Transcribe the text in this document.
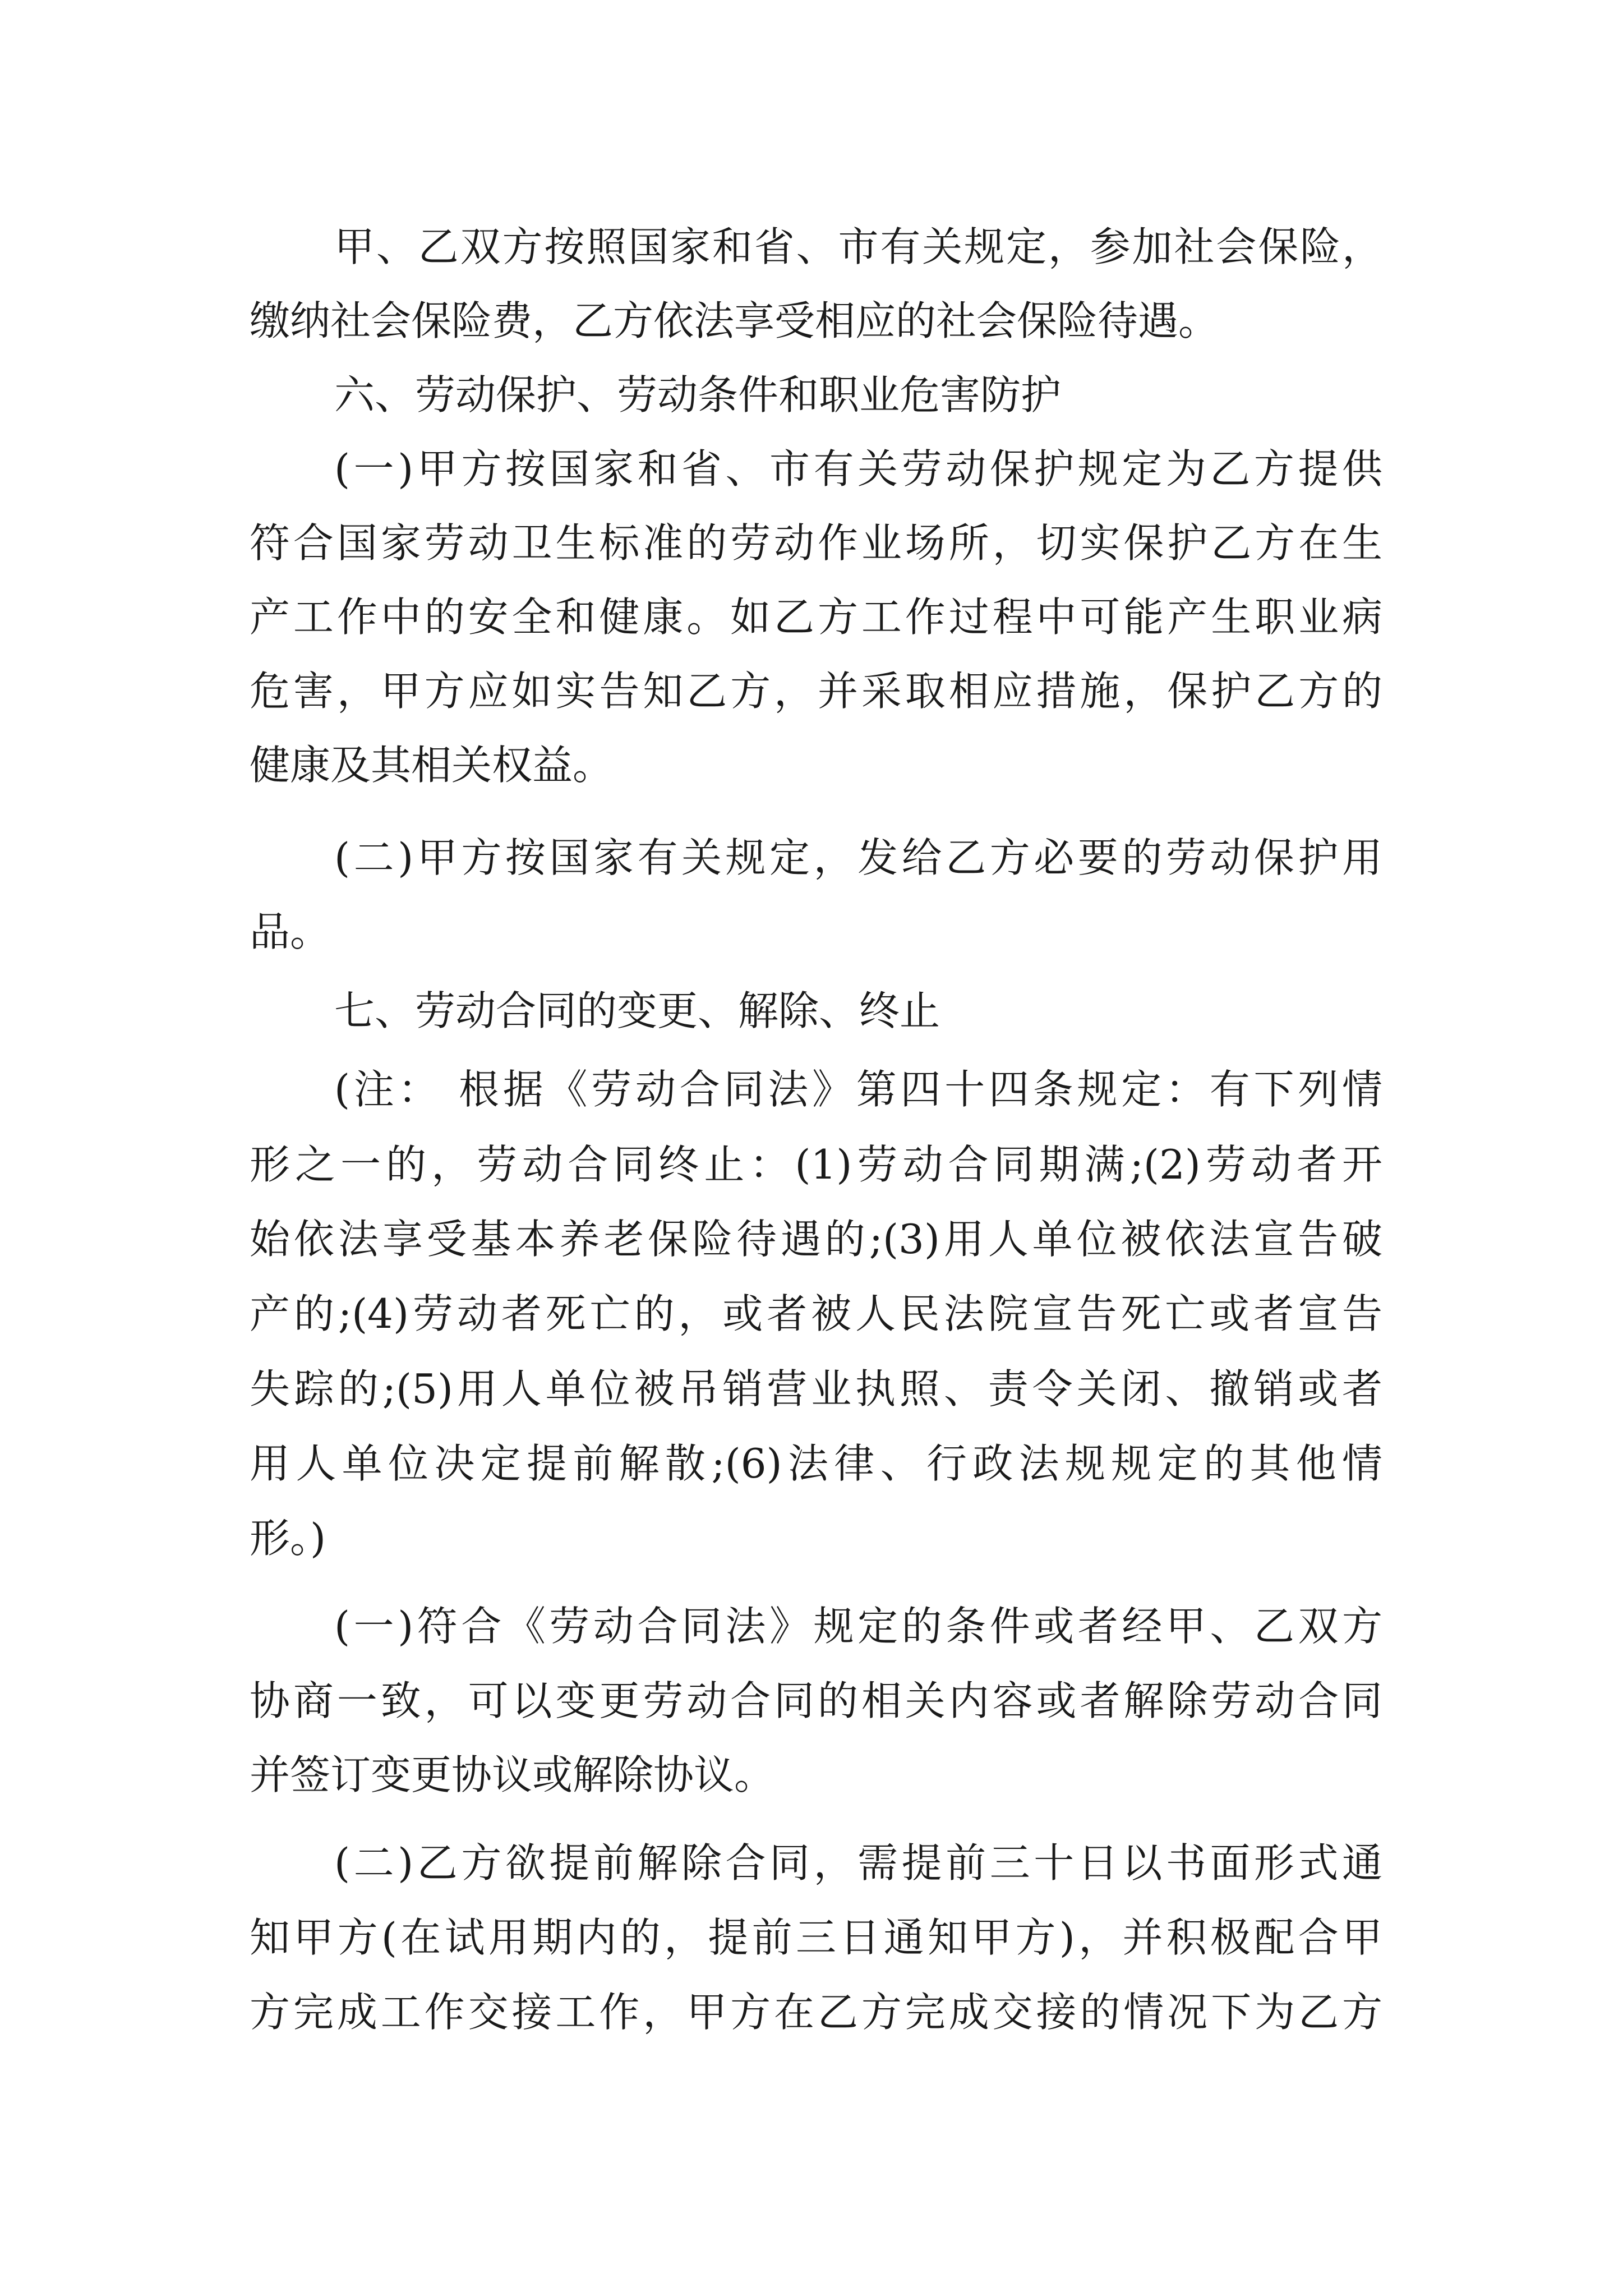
甲、乙双方按照国家和省、市有关规定，参加社会保险，
缴纳社会保险费，乙方依法享受相应的社会保险待遇。
六、劳动保护、劳动条件和职业危害防护
(一)甲方按国家和省、市有关劳动保护规定为乙方提供
符合国家劳动卫生标准的劳动作业场所，切实保护乙方在生
产工作中的安全和健康。如乙方工作过程中可能产生职业病
危害，甲方应如实告知乙方，并采取相应措施，保护乙方的
健康及其相关权益。
(二)甲方按国家有关规定，发给乙方必要的劳动保护用
品。
七、劳动合同的变更、解除、终止
(注： 根据《劳动合同法》第四十四条规定：有下列情
形之一的，劳动合同终止：(1)劳动合同期满;(2)劳动者开
始依法享受基本养老保险待遇的;(3)用人单位被依法宣告破
产的;(4)劳动者死亡的，或者被人民法院宣告死亡或者宣告
失踪的;(5)用人单位被吊销营业执照、责令关闭、撤销或者
用人单位决定提前解散;(6)法律、行政法规规定的其他情
形。)
(一)符合《劳动合同法》规定的条件或者经甲、乙双方
协商一致，可以变更劳动合同的相关内容或者解除劳动合同
并签订变更协议或解除协议。
(二)乙方欲提前解除合同，需提前三十日以书面形式通
知甲方(在试用期内的，提前三日通知甲方)，并积极配合甲
方完成工作交接工作，甲方在乙方完成交接的情况下为乙方
